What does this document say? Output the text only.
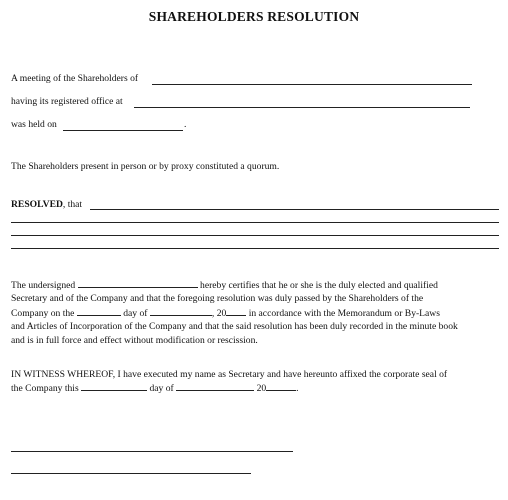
SHAREHOLDERS RESOLUTION
A meeting of the Shareholders of
having its registered office at
was held on	.
The Shareholders present in person or by proxy constituted a quorum.
RESOLVED, that
The undersigned	hereby certifies that he or she is the duly elected and qualified
Secretary and of the Company and that the foregoing resolution was duly passed by the Shareholders of the
Company on the	day of	, 20 in accordance with the Memorandum or By-Laws
and Articles of Incorporation of the Company and that the said resolution has been duly recorded in the minute book
and is in full force and effect without modification or rescission.
IN WITNESS WHEREOF, I have executed my name as Secretary and have hereunto affixed the corporate seal of
the Company this	day of	20	.
